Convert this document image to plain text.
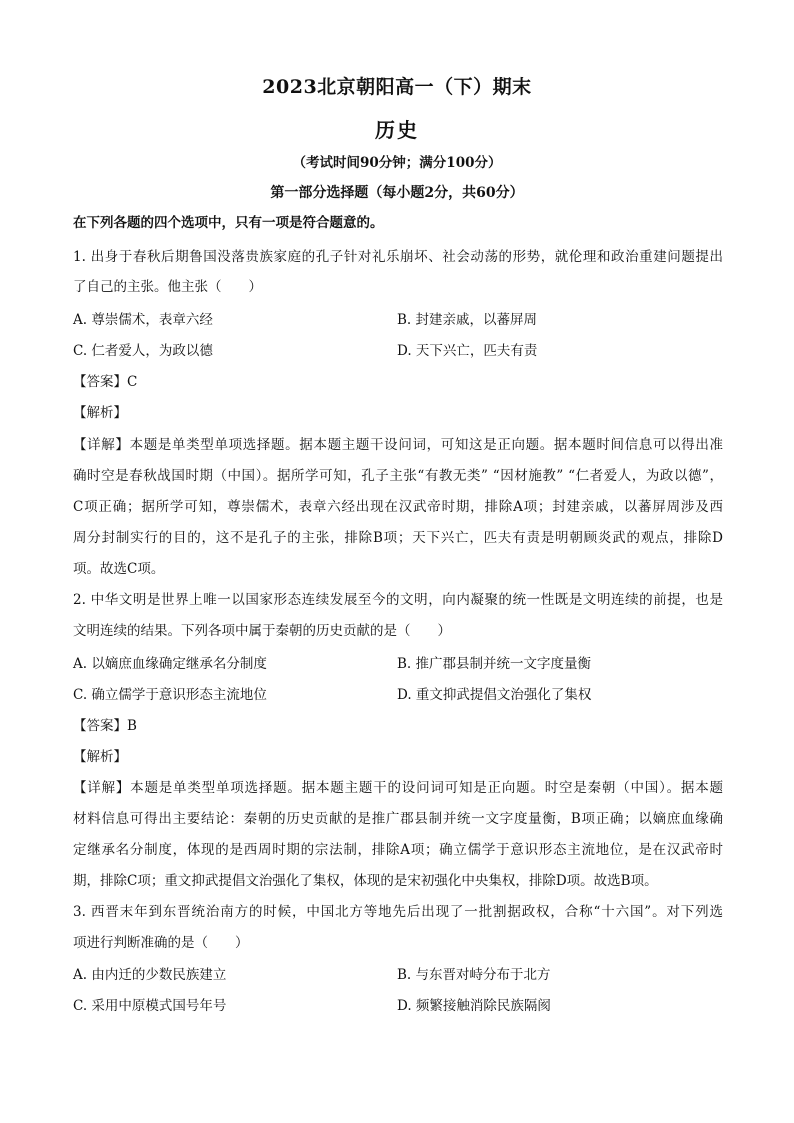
2023北京朝阳高一（下）期末
历史
（考试时间90分钟；满分100分）
第一部分选择题（每小题2分，共60分）
在下列各题的四个选项中，只有一项是符合题意的。
1. 出身于春秋后期鲁国没落贵族家庭的孔子针对礼乐崩坏、社会动荡的形势，就伦理和政治重建问题提出
了自己的主张。他主张（　　）
A. 尊崇儒术，表章六经	B. 封建亲戚，以蕃屏周
C. 仁者爱人，为政以德	D. 天下兴亡，匹夫有责
【答案】C
【解析】
【详解】本题是单类型单项选择题。据本题主题干设问词，可知这是正向题。据本题时间信息可以得出准
确时空是春秋战国时期（中国）。据所学可知，孔子主张“有教无类” “因材施教” “仁者爱人，为政以德”，
C项正确；据所学可知，尊崇儒术，表章六经出现在汉武帝时期，排除A项；封建亲戚，以蕃屏周涉及西
周分封制实行的目的，这不是孔子的主张，排除B项；天下兴亡，匹夫有责是明朝顾炎武的观点，排除D
项。故选C项。
2. 中华文明是世界上唯一以国家形态连续发展至今的文明，向内凝聚的统一性既是文明连续的前提，也是
文明连续的结果。下列各项中属于秦朝的历史贡献的是（　　）
A. 以嫡庶血缘确定继承名分制度	B. 推广郡县制并统一文字度量衡
C. 确立儒学于意识形态主流地位	D. 重文抑武提倡文治强化了集权
【答案】B
【解析】
【详解】本题是单类型单项选择题。据本题主题干的设问词可知是正向题。时空是秦朝（中国）。据本题
材料信息可得出主要结论：秦朝的历史贡献的是推广郡县制并统一文字度量衡，B项正确；以嫡庶血缘确
定继承名分制度，体现的是西周时期的宗法制，排除A项；确立儒学于意识形态主流地位，是在汉武帝时
期，排除C项；重文抑武提倡文治强化了集权，体现的是宋初强化中央集权，排除D项。故选B项。
3. 西晋末年到东晋统治南方的时候，中国北方等地先后出现了一批割据政权，合称“十六国”。对下列选
项进行判断准确的是（　　）
A. 由内迁的少数民族建立	B. 与东晋对峙分布于北方
C. 采用中原模式国号年号	D. 频繁接触消除民族隔阂
